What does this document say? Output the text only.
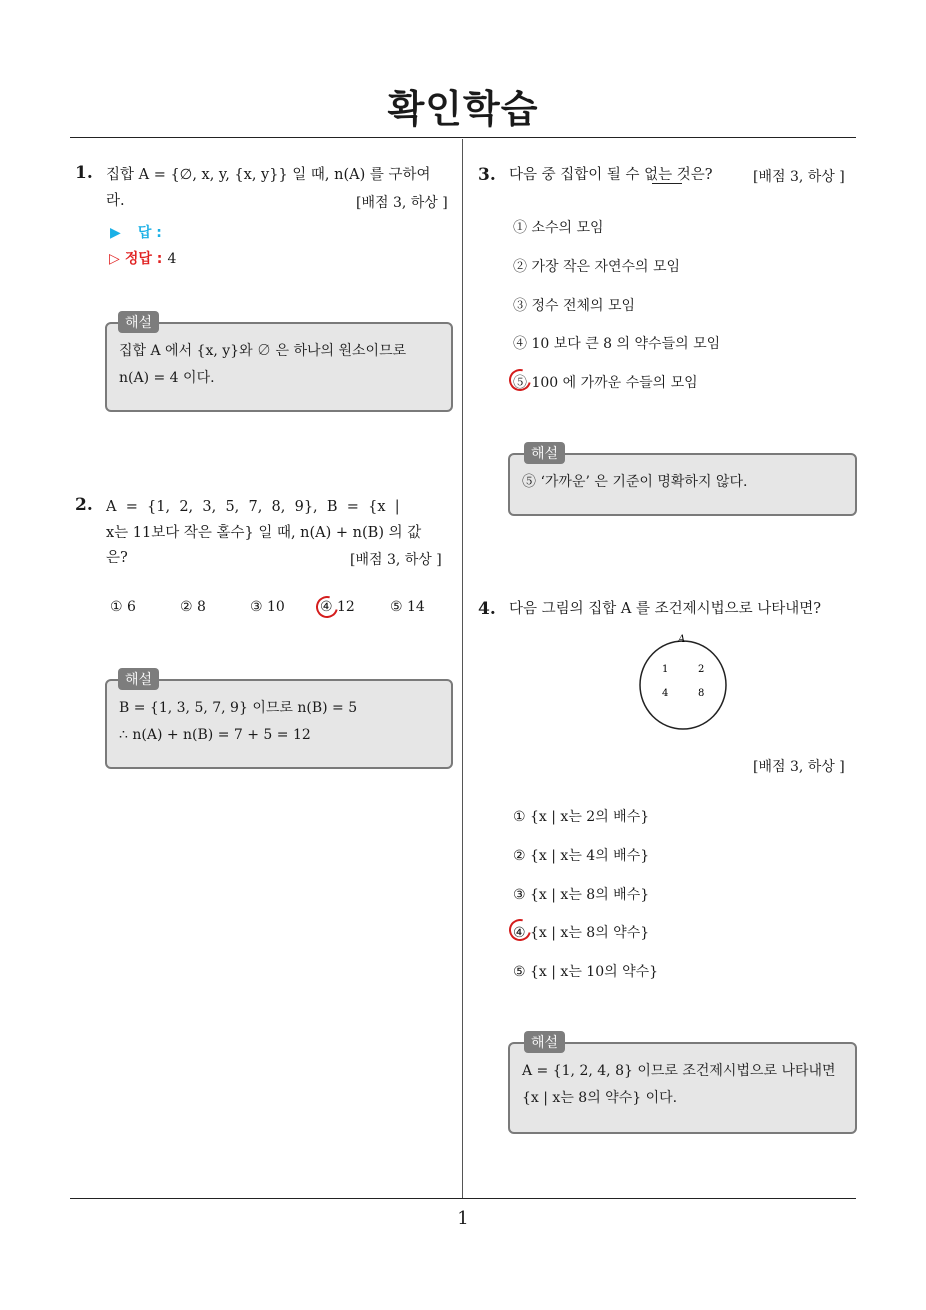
확인학습
1. 집합 A = {∅, x, y, {x, y}} 일 때, n(A) 를 구하여
라.	[배점 3, 하상 ]
▶ 답 :
▷ 정답 : 4
집합 A 에서 {x, y}와 ∅ 은 하나의 원소이므로
n(A) = 4 이다.
해설
2. A  =  {1,  2,  3,  5,  7,  8,  9},  B  =  {x  |
x는 11보다 작은 홀수} 일 때, n(A) + n(B) 의 값
은?	[배점 3, 하상 ]
① 6	② 8	③ 10	④ 12	⑤ 14
B = {1, 3, 5, 7, 9} 이므로 n(B) = 5
∴ n(A) + n(B) = 7 + 5 = 12
해설
3. 다음 중 집합이 될 수 없는 것은?	[배점 3, 하상 ]
① 소수의 모임
② 가장 작은 자연수의 모임
③ 정수 전체의 모임
④ 10 보다 큰 8 의 약수들의 모임
⑤ 100 에 가까운 수들의 모임
⑤ ‘가까운’ 은 기준이 명확하지 않다.
해설
4. 다음 그림의 집합 A 를 조건제시법으로 나타내면?
A
1	2
4	8
[배점 3, 하상 ]
① {x | x는 2의 배수}
② {x | x는 4의 배수}
③ {x | x는 8의 배수}
④ {x | x는 8의 약수}
⑤ {x | x는 10의 약수}
A = {1, 2, 4, 8} 이므로 조건제시법으로 나타내면
{x | x는 8의 약수} 이다.
해설
1
